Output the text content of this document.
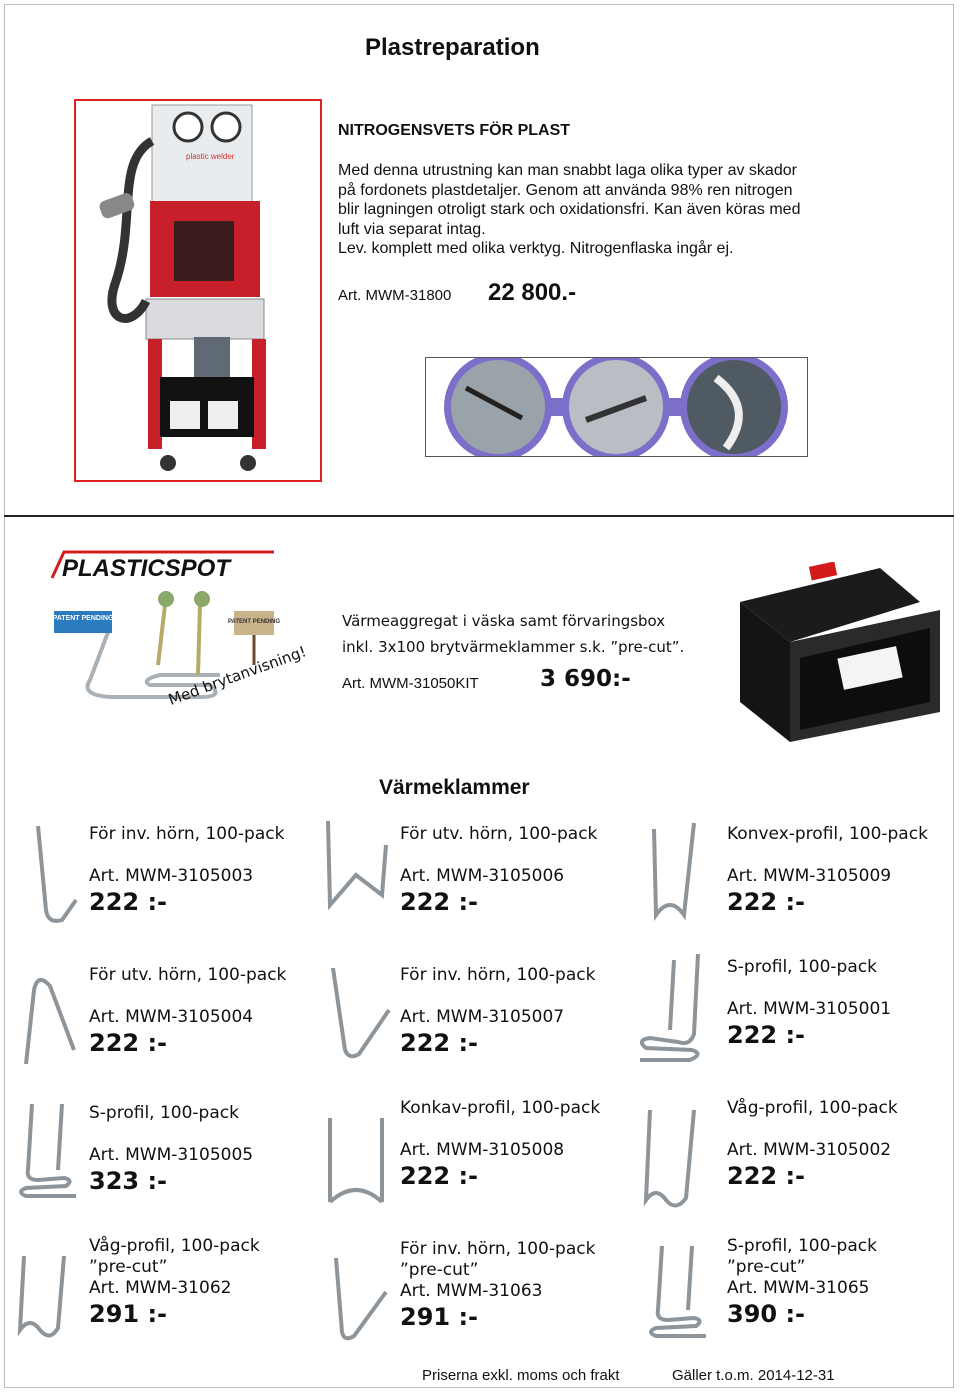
Plastreparation
plastic welder
NITROGENSVETS FÖR PLAST
Med denna utrustning kan man snabbt laga olika typer av skador
på fordonets plastdetaljer. Genom att använda 98% ren nitrogen
blir lagningen otroligt stark och oxidationsfri. Kan även köras med
luft via separat intag.
Lev. komplett med olika verktyg. Nitrogenflaska ingår ej.
Art. MWM-31800 22 800.-
PLASTICSPOT
PATENT PENDING	PATENT PENDING
Med brytanvisning!
Värmeaggregat i väska samt förvaringsbox
inkl. 3x100 brytvärmeklammer s.k. ”pre-cut”.
Art. MWM-31050KIT	3 690:-
Värmeklammer
För inv. hörn, 100-pack
Art. MWM-3105003
222 :-
För utv. hörn, 100-pack
Art. MWM-3105006
222 :-
Konvex-profil, 100-pack
Art. MWM-3105009
222 :-
För utv. hörn, 100-pack
Art. MWM-3105004
222 :-
För inv. hörn, 100-pack
Art. MWM-3105007
222 :-
S-profil, 100-pack
Art. MWM-3105001
222 :-
S-profil, 100-pack
Art. MWM-3105005
323 :-
Konkav-profil, 100-pack
Art. MWM-3105008
222 :-
Våg-profil, 100-pack
Art. MWM-3105002
222 :-
Våg-profil, 100-pack
”pre-cut”
Art. MWM-31062
291 :-
För inv. hörn, 100-pack
”pre-cut”
Art. MWM-31063
291 :-
S-profil, 100-pack
”pre-cut”
Art. MWM-31065
390 :-
Priserna exkl. moms och frakt	Gäller t.o.m. 2014-12-31
